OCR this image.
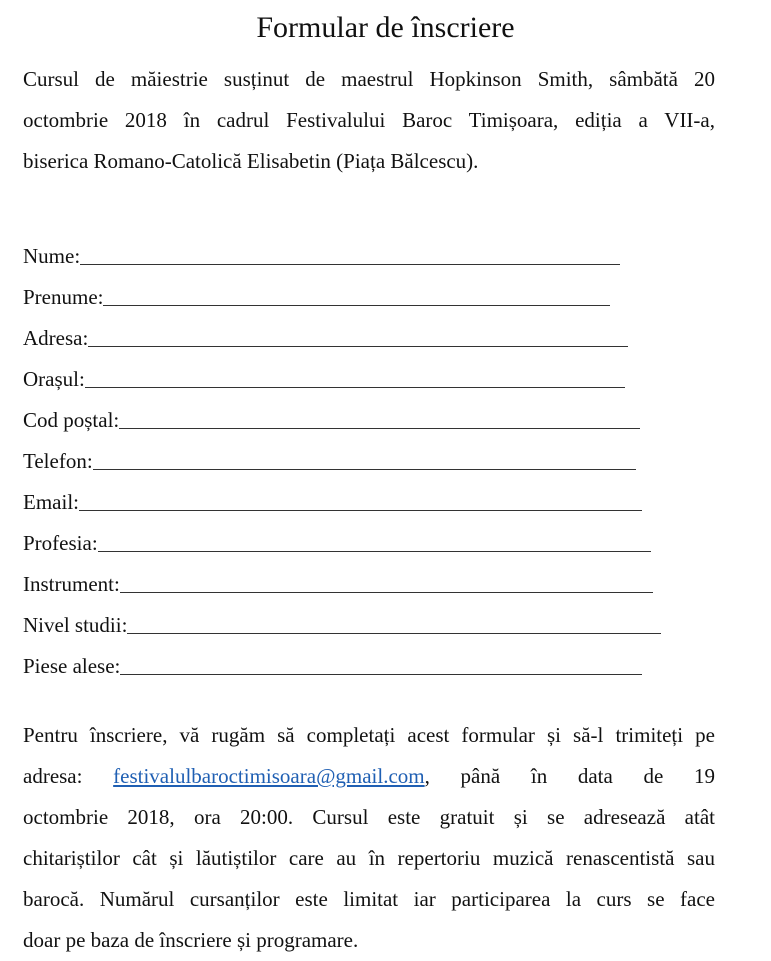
Formular de înscriere

Cursul de măiestrie susținut de maestrul Hopkinson Smith, sâmbătă 20
octombrie 2018 în cadrul Festivalului Baroc Timișoara, ediția a VII-a,
biserica Romano-Catolică Elisabetin (Piața Bălcescu).

Nume:
Prenume:
Adresa:
Orașul:
Cod poștal:
Telefon:
Email:
Profesia:
Instrument:
Nivel studii:
Piese alese:

Pentru înscriere, vă rugăm să completați acest formular și să-l trimiteți pe
adresa: festivalulbaroctimisoara@gmail.com, până în data de 19
octombrie 2018, ora 20:00. Cursul este gratuit și se adresează atât
chitariștilor cât și lăutiștilor care au în repertoriu muzică renascentistă sau
barocă. Numărul cursanților este limitat iar participarea la curs se face
doar pe baza de înscriere și programare.
